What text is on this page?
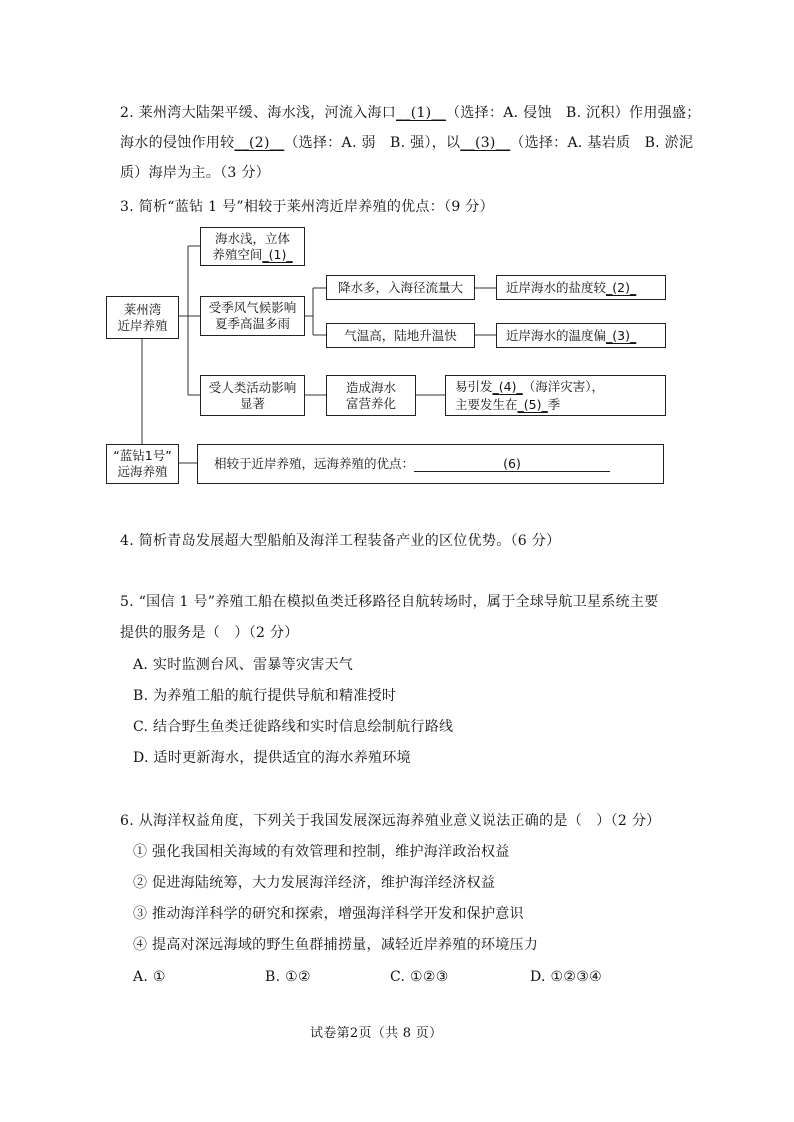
2. 莱州湾大陆架平缓、海水浅，河流入海口__(1)__（选择：A. 侵蚀　B. 沉积）作用强盛；
海水的侵蚀作用较__(2)__（选择：A. 弱　B. 强），以__(3)__（选择：A. 基岩质　B. 淤泥
质）海岸为主。（3 分）
3. 简析“蓝钻 1 号”相较于莱州湾近岸养殖的优点：（9 分）
海水浅，立体
养殖空间_(1)_
莱州湾
近岸养殖
受季风气候影响
夏季高温多雨
降水多，入海径流量大
气温高，陆地升温快
近岸海水的盐度较_(2)_
近岸海水的温度偏_(3)_
受人类活动影响
显著
造成海水
富营养化
易引发_(4)_（海洋灾害），
主要发生在_(5)_季
“蓝钻1号”
远海养殖
相较于近岸养殖，远海养殖的优点：	(6)
4. 简析青岛发展超大型船舶及海洋工程装备产业的区位优势。（6 分）
5. “国信 1 号”养殖工船在模拟鱼类迁移路径自航转场时，属于全球导航卫星系统主要
提供的服务是（　）（2 分）
A. 实时监测台风、雷暴等灾害天气
B. 为养殖工船的航行提供导航和精准授时
C. 结合野生鱼类迁徙路线和实时信息绘制航行路线
D. 适时更新海水，提供适宜的海水养殖环境
6. 从海洋权益角度，下列关于我国发展深远海养殖业意义说法正确的是（　）（2 分）
① 强化我国相关海域的有效管理和控制，维护海洋政治权益
② 促进海陆统筹，大力发展海洋经济，维护海洋经济权益
③ 推动海洋科学的研究和探索，增强海洋科学开发和保护意识
④ 提高对深远海域的野生鱼群捕捞量，减轻近岸养殖的环境压力
A. ①	B. ①②	C. ①②③	D. ①②③④
试卷第2页（共 8 页）
